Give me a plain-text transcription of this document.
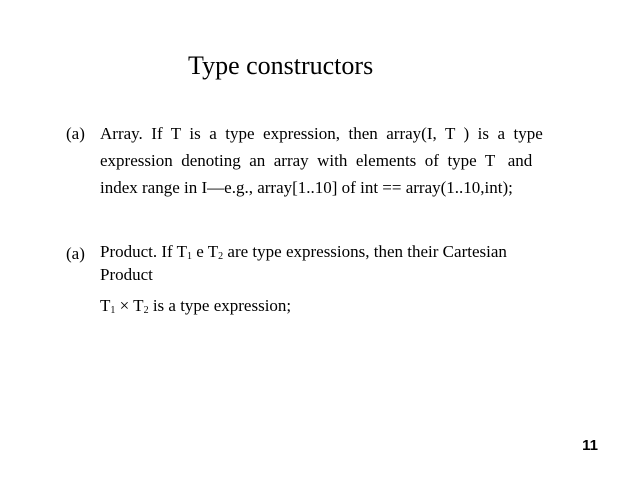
Type constructors
(a) Array.  If  T  is  a  type  expression,  then  array(I,  T  )  is  a  type
expression  denoting  an  array  with  elements  of  type  T   and
index range in I—e.g., array[1..10] of int == array(1..10,int);
(a) Product. If $T_1$ e $T_2$ are type expressions, then their Cartesian
Product
$T_1 \times T_2$ is a type expression;
11
